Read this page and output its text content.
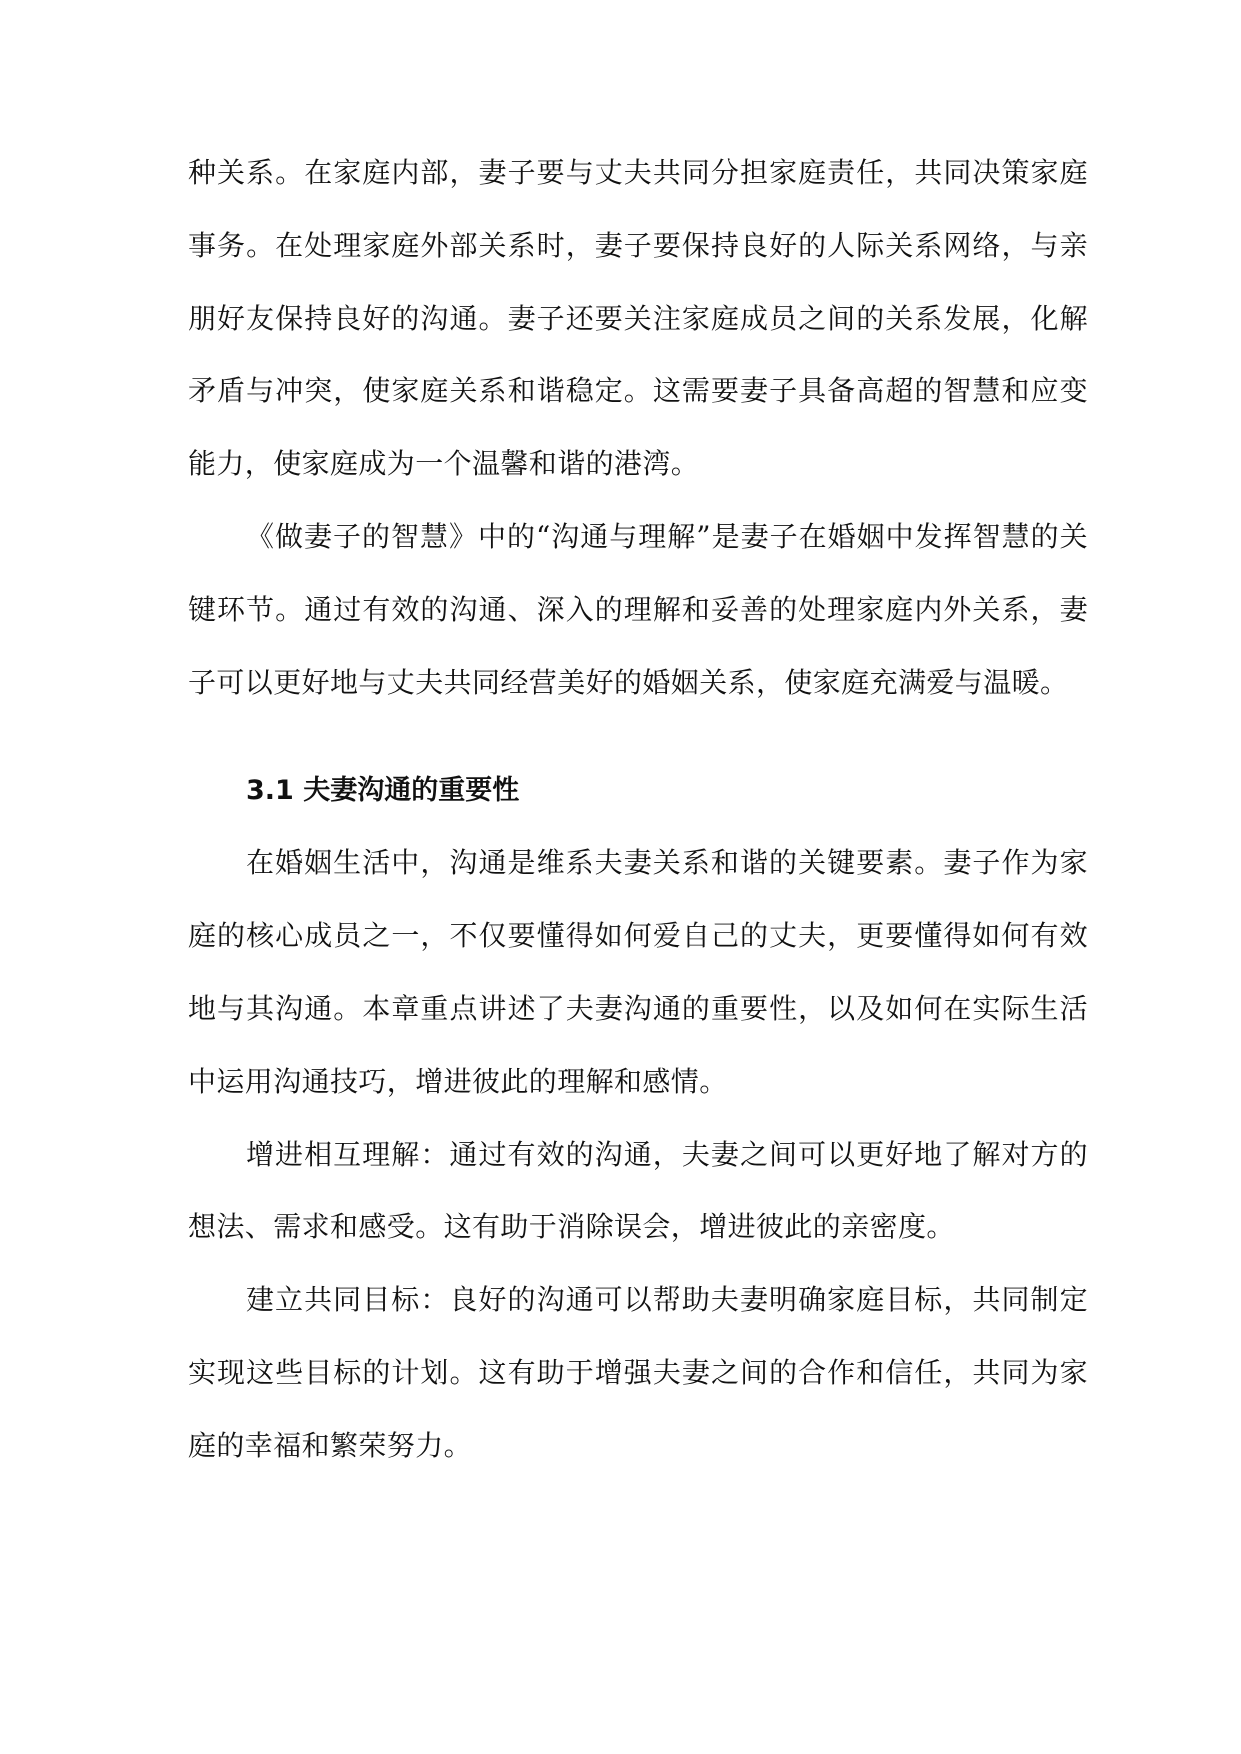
种关系。在家庭内部，妻子要与丈夫共同分担家庭责任，共同决策家庭事务。在处理家庭外部关系时，妻子要保持良好的人际关系网络，与亲朋好友保持良好的沟通。妻子还要关注家庭成员之间的关系发展，化解矛盾与冲突，使家庭关系和谐稳定。这需要妻子具备高超的智慧和应变能力，使家庭成为一个温馨和谐的港湾。

《做妻子的智慧》中的“沟通与理解”是妻子在婚姻中发挥智慧的关键环节。通过有效的沟通、深入的理解和妥善的处理家庭内外关系，妻子可以更好地与丈夫共同经营美好的婚姻关系，使家庭充满爱与温暖。

3.1 夫妻沟通的重要性

在婚姻生活中，沟通是维系夫妻关系和谐的关键要素。妻子作为家庭的核心成员之一，不仅要懂得如何爱自己的丈夫，更要懂得如何有效地与其沟通。本章重点讲述了夫妻沟通的重要性，以及如何在实际生活中运用沟通技巧，增进彼此的理解和感情。

增进相互理解：通过有效的沟通，夫妻之间可以更好地了解对方的想法、需求和感受。这有助于消除误会，增进彼此的亲密度。

建立共同目标：良好的沟通可以帮助夫妻明确家庭目标，共同制定实现这些目标的计划。这有助于增强夫妻之间的合作和信任，共同为家庭的幸福和繁荣努力。
